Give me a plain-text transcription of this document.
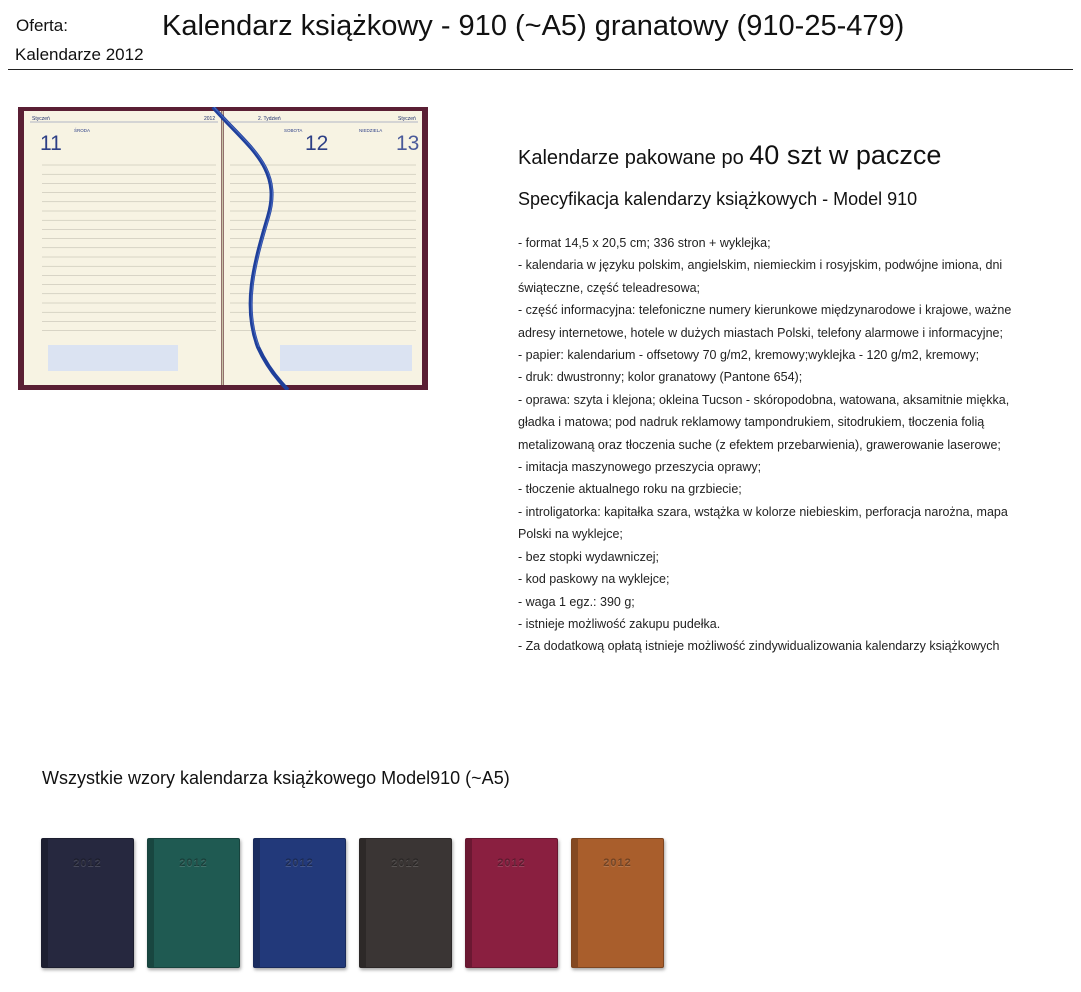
Oferta:
Kalendarze 2012
Kalendarz książkowy - 910 (~A5) granatowy (910-25-479)
Styczeń	2012
11
ŚRODA
2. Tydzień	Styczeń
SOBOTA
12
NIEDZIELA
13
Kalendarze pakowane po 40 szt w paczce
Specyfikacja kalendarzy książkowych - Model 910
- format 14,5 x 20,5 cm; 336 stron + wyklejka;
- kalendaria w języku polskim, angielskim, niemieckim i rosyjskim, podwójne imiona, dni świąteczne, część teleadresowa;
- część informacyjna: telefoniczne numery kierunkowe międzynarodowe i krajowe, ważne adresy internetowe, hotele w dużych miastach Polski, telefony alarmowe i informacyjne;
- papier: kalendarium - offsetowy 70 g/m2, kremowy;wyklejka - 120 g/m2, kremowy;
- druk: dwustronny; kolor granatowy (Pantone 654);
- oprawa: szyta i klejona; okleina Tucson - skóropodobna, watowana, aksamitnie miękka, gładka i matowa; pod nadruk reklamowy tampondrukiem, sitodrukiem, tłoczenia folią metalizowaną oraz tłoczenia suche (z efektem przebarwienia), grawerowanie laserowe;
- imitacja maszynowego przeszycia oprawy;
- tłoczenie aktualnego roku na grzbiecie;
- introligatorka: kapitałka szara, wstążka w kolorze niebieskim, perforacja narożna, mapa Polski na wyklejce;
- bez stopki wydawniczej;
- kod paskowy na wyklejce;
- waga 1 egz.: 390 g;
- istnieje możliwość zakupu pudełka.
- Za dodatkową opłatą istnieje możliwość zindywidualizowania kalendarzy książkowych
Wszystkie wzory kalendarza książkowego Model910 (~A5)
2012	2012	2012	2012	2012	2012
